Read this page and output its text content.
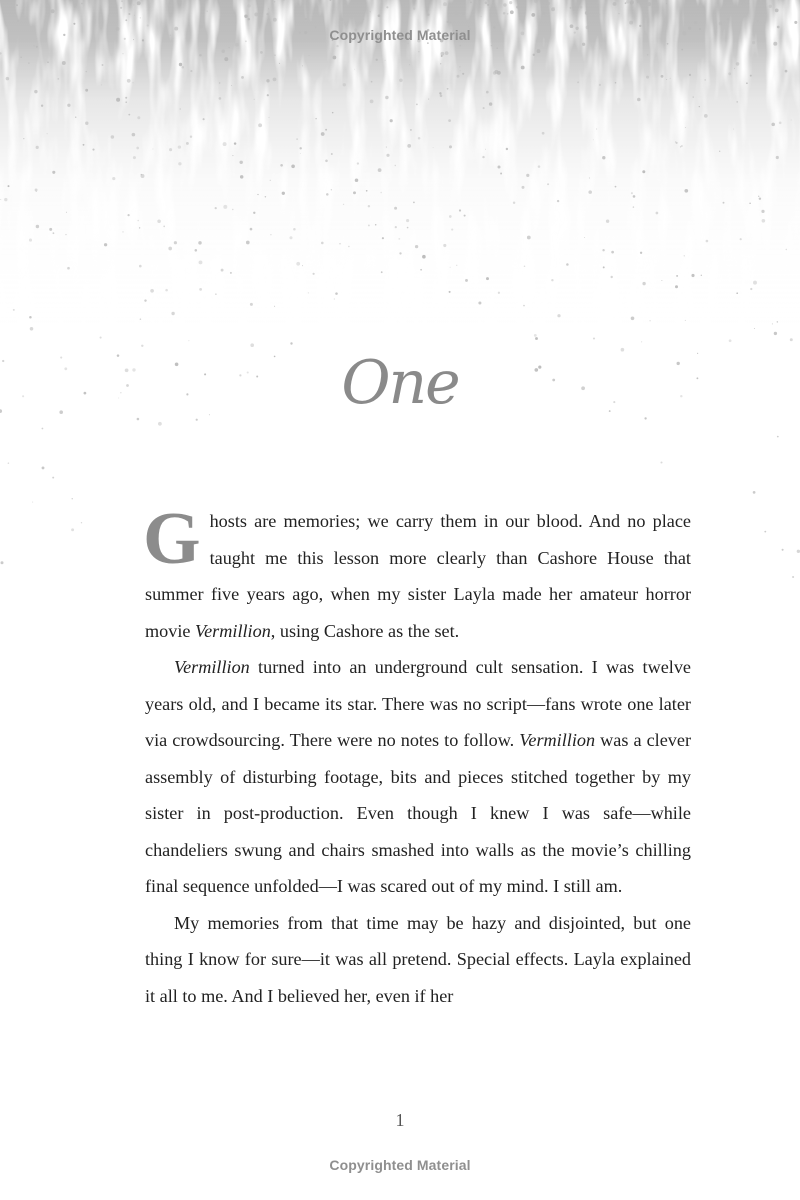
Copyrighted Material
One

Ghosts are memories; we carry them in our blood. And no place taught me this lesson more clearly than Cashore House that summer five years ago, when my sister Layla made her amateur horror movie Vermillion, using Cashore as the set.

Vermillion turned into an underground cult sensation. I was twelve years old, and I became its star. There was no script—fans wrote one later via crowdsourcing. There were no notes to follow. Vermillion was a clever assembly of disturbing footage, bits and pieces stitched together by my sister in post-production. Even though I knew I was safe—while chandeliers swung and chairs smashed into walls as the movie’s chilling final sequence unfolded—I was scared out of my mind. I still am.

My memories from that time may be hazy and disjointed, but one thing I know for sure—it was all pretend. Special effects. Layla explained it all to me. And I believed her, even if her

1
Copyrighted Material
